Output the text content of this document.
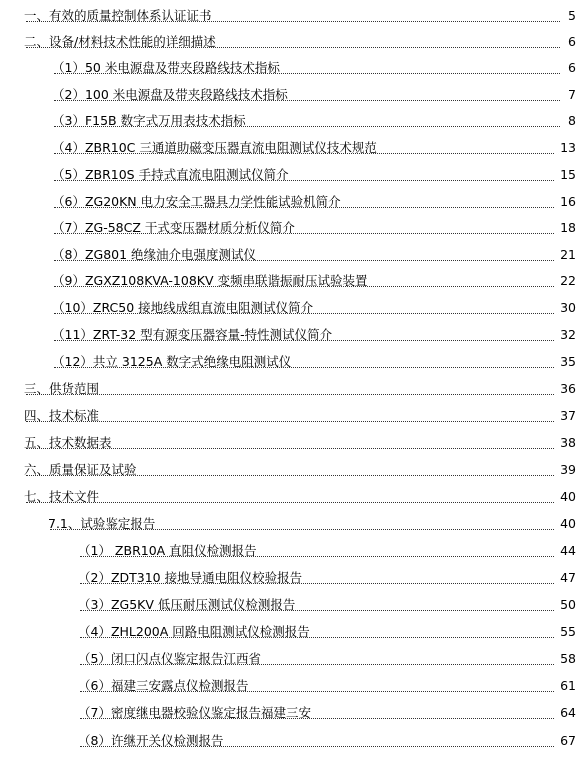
一、有效的质量控制体系认证证书	5
二、设备/材料技术性能的详细描述	6
（1）50 米电源盘及带夹段路线技术指标	6
（2）100 米电源盘及带夹段路线技术指标	7
（3）F15B 数字式万用表技术指标	8
（4）ZBR10C 三通道助磁变压器直流电阻测试仪技术规范	13
（5）ZBR10S 手持式直流电阻测试仪简介	15
（6）ZG20KN 电力安全工器具力学性能试验机简介	16
（7）ZG-58CZ 干式变压器材质分析仪简介	18
（8）ZG801 绝缘油介电强度测试仪	21
（9）ZGXZ108KVA-108KV 变频串联谐振耐压试验装置	22
（10）ZRC50 接地线成组直流电阻测试仪简介	30
（11）ZRT-32 型有源变压器容量-特性测试仪简介	32
（12）共立 3125A 数字式绝缘电阻测试仪	35
三、供货范围	36
四、技术标准	37
五、技术数据表	38
六、质量保证及试验	39
七、技术文件	40
7.1、试验鉴定报告	40
（1） ZBR10A 直阻仪检测报告	44
（2）ZDT310 接地导通电阻仪校验报告	47
（3）ZG5KV 低压耐压测试仪检测报告	50
（4）ZHL200A 回路电阻测试仪检测报告	55
（5）闭口闪点仪鉴定报告江西省	58
（6）福建三安露点仪检测报告	61
（7）密度继电器校验仪鉴定报告福建三安	64
（8）许继开关仪检测报告	67
